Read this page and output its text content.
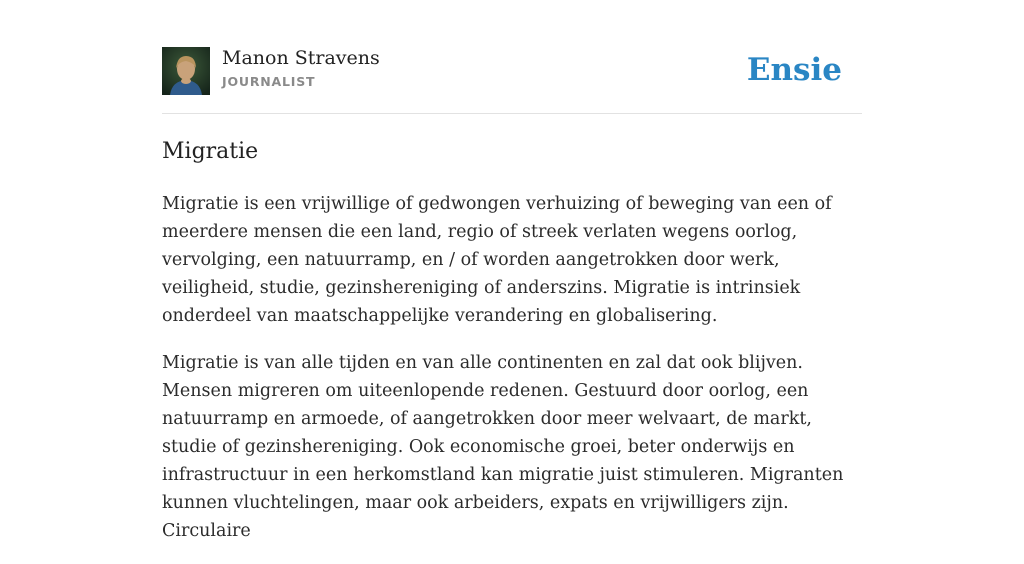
Manon Stravens
JOURNALIST	Ensie
Migratie

Migratie is een vrijwillige of gedwongen verhuizing of beweging van een of meerdere mensen die een land, regio of streek verlaten wegens oorlog, vervolging, een natuurramp, en / of worden aangetrokken door werk, veiligheid, studie, gezinshereniging of anderszins. Migratie is intrinsiek onderdeel van maatschappelijke verandering en globalisering.

Migratie is van alle tijden en van alle continenten en zal dat ook blijven. Mensen migreren om uiteenlopende redenen. Gestuurd door oorlog, een natuurramp en armoede, of aangetrokken door meer welvaart, de markt, studie of gezinshereniging. Ook economische groei, beter onderwijs en infrastructuur in een herkomstland kan migratie juist stimuleren. Migranten kunnen vluchtelingen, maar ook arbeiders, expats en vrijwilligers zijn. Circulaire
